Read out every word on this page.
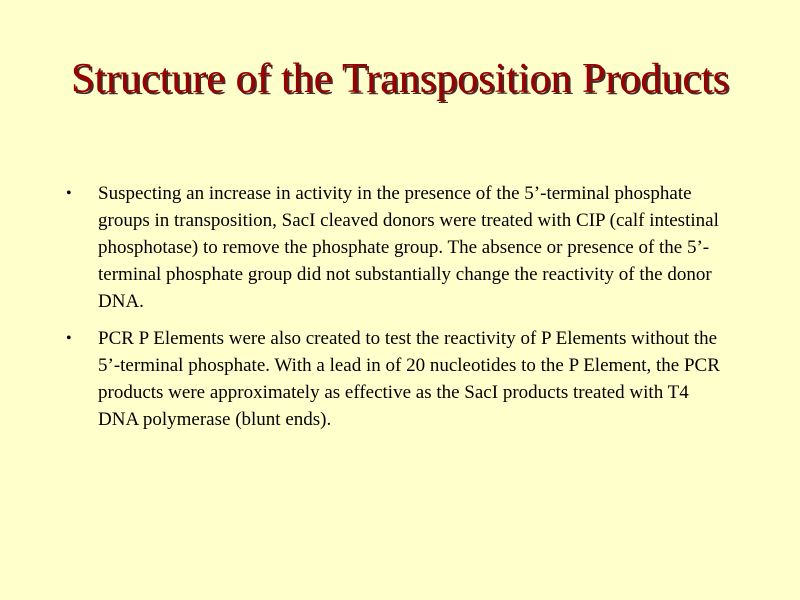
Structure of the Transposition Products
• Suspecting an increase in activity in the presence of the 5’-terminal phosphate groups in transposition, SacI cleaved donors were treated with CIP (calf intestinal phosphotase) to remove the phosphate group. The absence or presence of the 5’-terminal phosphate group did not substantially change the reactivity of the donor DNA.
• PCR P Elements were also created to test the reactivity of P Elements without the 5’-terminal phosphate. With a lead in of 20 nucleotides to the P Element, the PCR products were approximately as effective as the SacI products treated with T4 DNA polymerase (blunt ends).
